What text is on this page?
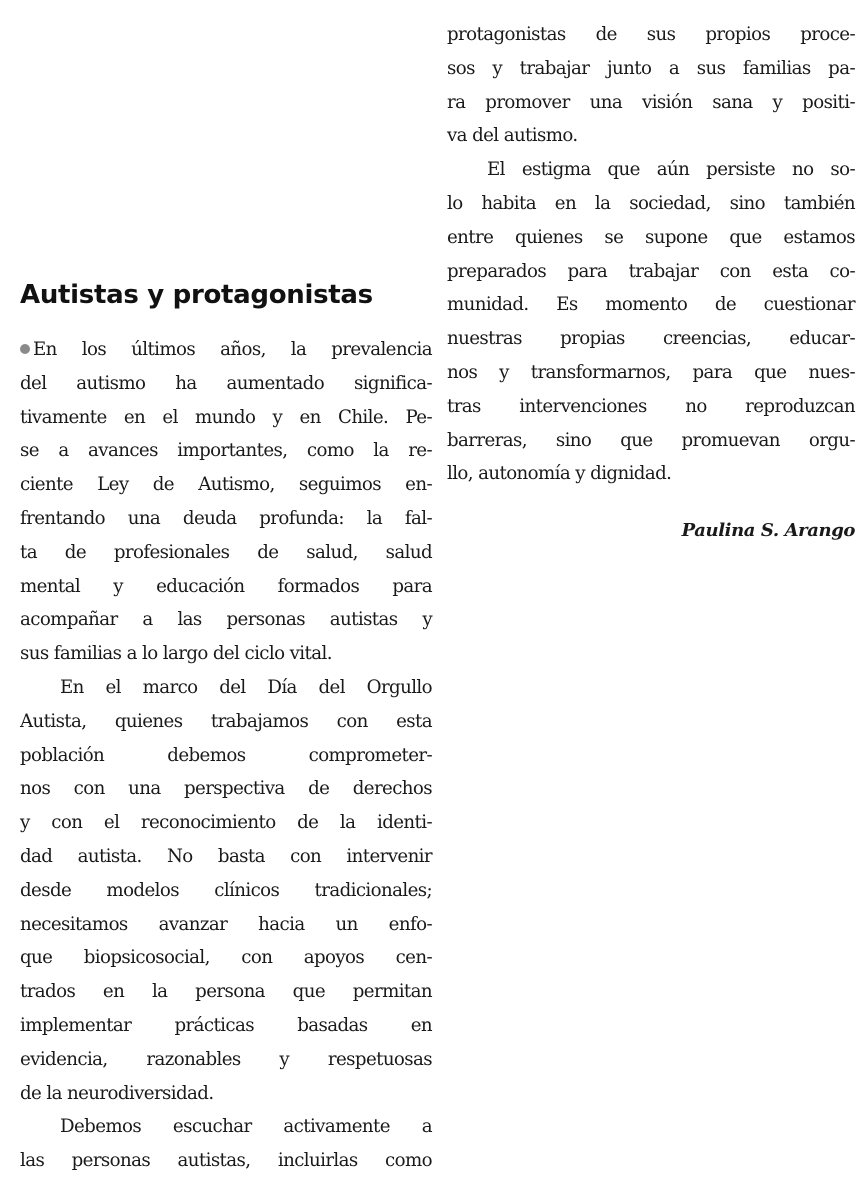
Autistas y protagonistas
En los últimos años, la prevalencia
del autismo ha aumentado significa-
tivamente en el mundo y en Chile. Pe-
se a avances importantes, como la re-
ciente Ley de Autismo, seguimos en-
frentando una deuda profunda: la fal-
ta de profesionales de salud, salud
mental y educación formados para
acompañar a las personas autistas y
sus familias a lo largo del ciclo vital.
En el marco del Día del Orgullo
Autista, quienes trabajamos con esta
población debemos comprometer-
nos con una perspectiva de derechos
y con el reconocimiento de la identi-
dad autista. No basta con intervenir
desde modelos clínicos tradicionales;
necesitamos avanzar hacia un enfo-
que biopsicosocial, con apoyos cen-
trados en la persona que permitan
implementar prácticas basadas en
evidencia, razonables y respetuosas
de la neurodiversidad.
Debemos escuchar activamente a
las personas autistas, incluirlas como
protagonistas de sus propios proce-
sos y trabajar junto a sus familias pa-
ra promover una visión sana y positi-
va del autismo.
El estigma que aún persiste no so-
lo habita en la sociedad, sino también
entre quienes se supone que estamos
preparados para trabajar con esta co-
munidad. Es momento de cuestionar
nuestras propias creencias, educar-
nos y transformarnos, para que nues-
tras intervenciones no reproduzcan
barreras, sino que promuevan orgu-
llo, autonomía y dignidad.
Paulina S. Arango
